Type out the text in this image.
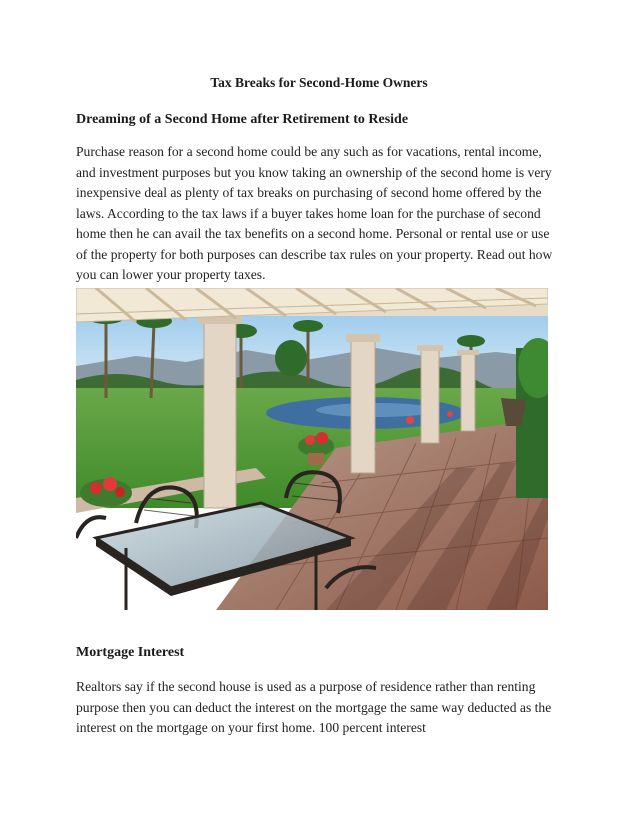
Tax Breaks for Second-Home Owners
Dreaming of a Second Home after Retirement to Reside

Purchase reason for a second home could be any such as for vacations, rental income, and investment purposes but you know taking an ownership of the second home is very inexpensive deal as plenty of tax breaks on purchasing of second home offered by the laws. According to the tax laws if a buyer takes home loan for the purchase of second home then he can avail the tax benefits on a second home. Personal or rental use or use of the property for both purposes can describe tax rules on your property. Read out how you can lower your property taxes.

Mortgage Interest

Realtors say if the second house is used as a purpose of residence rather than renting purpose then you can deduct the interest on the mortgage the same way deducted as the interest on the mortgage on your first home. 100 percent interest
